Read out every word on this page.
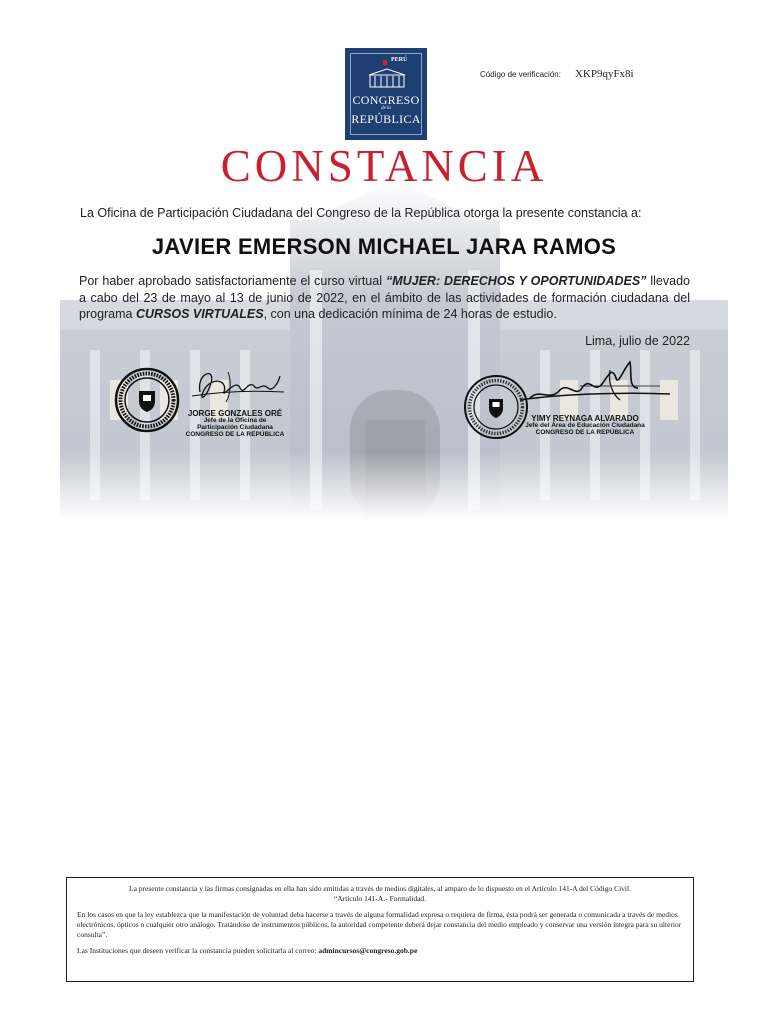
PERÚ
CONGRESO
de la
REPÚBLICA
Código de verificación: XKP9qyFx8i
CONSTANCIA
La Oficina de Participación Ciudadana del Congreso de la República otorga la presente constancia a:
JAVIER EMERSON MICHAEL JARA RAMOS
Por haber aprobado satisfactoriamente el curso virtual “MUJER: DERECHOS Y OPORTUNIDADES” llevado a cabo del 23 de mayo al 13 de junio de 2022, en el ámbito de las actividades de formación ciudadana del programa CURSOS VIRTUALES, con una dedicación mínima de 24 horas de estudio.
Lima, julio de 2022
JORGE GONZALES ORÉ
Jefe de la Oficina de
Participación Ciudadana
CONGRESO DE LA REPÚBLICA
YIMY REYNAGA ALVARADO
Jefe del Área de Educación Ciudadana
CONGRESO DE LA REPÚBLICA

La presente constancia y las firmas consignadas en ella han sido emitidas a través de medios digitales, al amparo de lo dispuesto en el Artículo 141-A del Código Civil.

“Artículo 141-A.- Formalidad.

En los casos en que la ley establezca que la manifestación de voluntad deba hacerse a través de alguna formalidad expresa o requiera de firma, ésta podrá ser generada o comunicada a través de medios electrónicos, ópticos o cualquier otro análogo. Tratándose de instrumentos públicos, la autoridad competente deberá dejar constancia del medio empleado y conservar una versión íntegra para su ulterior consulta”.

Las Instituciones que deseen verificar la constancia pueden solicitarla al correo: admincursos@congreso.gob.pe
